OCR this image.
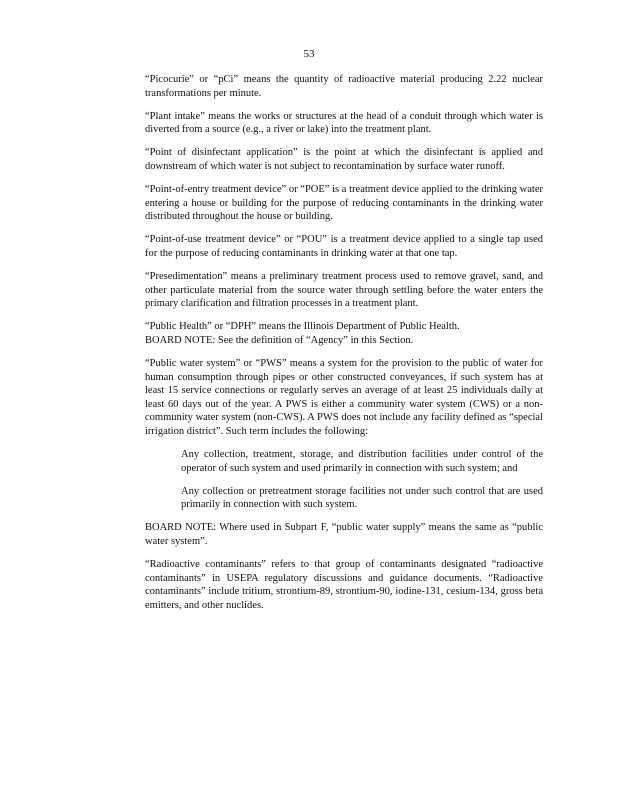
53

“Picocurie” or “pCi” means the quantity of radioactive material producing 2.22 nuclear transformations per minute.

“Plant intake” means the works or structures at the head of a conduit through which water is diverted from a source (e.g., a river or lake) into the treatment plant.

“Point of disinfectant application” is the point at which the disinfectant is applied and downstream of which water is not subject to recontamination by surface water runoff.

“Point-of-entry treatment device” or “POE” is a treatment device applied to the drinking water entering a house or building for the purpose of reducing contaminants in the drinking water distributed throughout the house or building.

“Point-of-use treatment device” or “POU” is a treatment device applied to a single tap used for the purpose of reducing contaminants in drinking water at that one tap.

“Presedimentation” means a preliminary treatment process used to remove gravel, sand, and other particulate material from the source water through settling before the water enters the primary clarification and filtration processes in a treatment plant.

“Public Health” or “DPH” means the Illinois Department of Public Health.

BOARD NOTE: See the definition of “Agency” in this Section.

“Public water system” or “PWS” means a system for the provision to the public of water for human consumption through pipes or other constructed conveyances, if such system has at least 15 service connections or regularly serves an average of at least 25 individuals daily at least 60 days out of the year. A PWS is either a community water system (CWS) or a non-community water system (non-CWS). A PWS does not include any facility defined as “special irrigation district”. Such term includes the following:

Any collection, treatment, storage, and distribution facilities under control of the operator of such system and used primarily in connection with such system; and

Any collection or pretreatment storage facilities not under such control that are used primarily in connection with such system.

BOARD NOTE: Where used in Subpart F, “public water supply” means the same as “public water system”.

“Radioactive contaminants” refers to that group of contaminants designated “radioactive contaminants” in USEPA regulatory discussions and guidance documents. “Radioactive contaminants” include tritium, strontium-89, strontium-90, iodine-131, cesium-134, gross beta emitters, and other nuclides.
